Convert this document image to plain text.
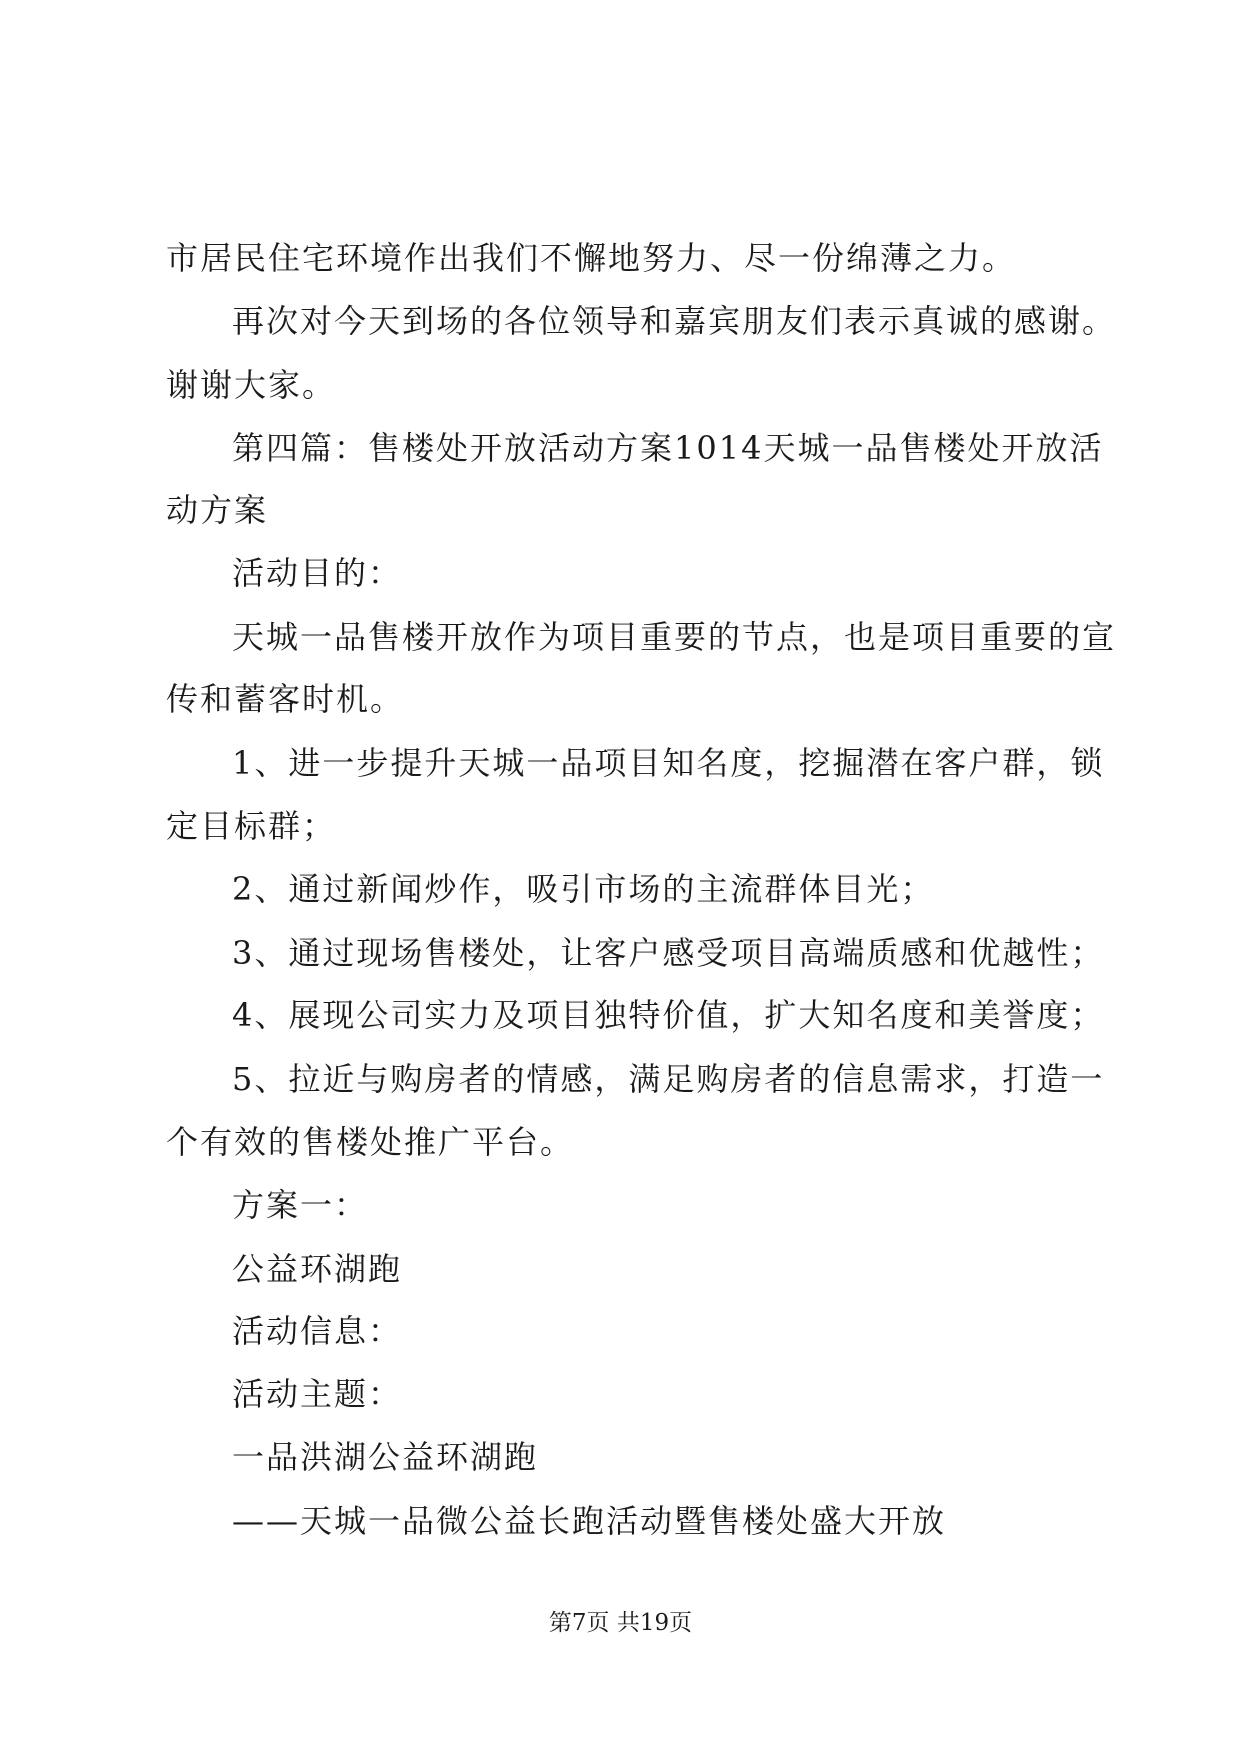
市居民住宅环境作出我们不懈地努力、尽一份绵薄之力。
再次对今天到场的各位领导和嘉宾朋友们表示真诚的感谢。
谢谢大家。
第四篇：售楼处开放活动方案1014天城一品售楼处开放活
动方案
活动目的：
天城一品售楼开放作为项目重要的节点，也是项目重要的宣
传和蓄客时机。
1、进一步提升天城一品项目知名度，挖掘潜在客户群，锁
定目标群；
2、通过新闻炒作，吸引市场的主流群体目光；
3、通过现场售楼处，让客户感受项目高端质感和优越性；
4、展现公司实力及项目独特价值，扩大知名度和美誉度；
5、拉近与购房者的情感，满足购房者的信息需求，打造一
个有效的售楼处推广平台。
方案一：
公益环湖跑
活动信息：
活动主题：
一品洪湖公益环湖跑
——天城一品微公益长跑活动暨售楼处盛大开放
第7页 共19页
